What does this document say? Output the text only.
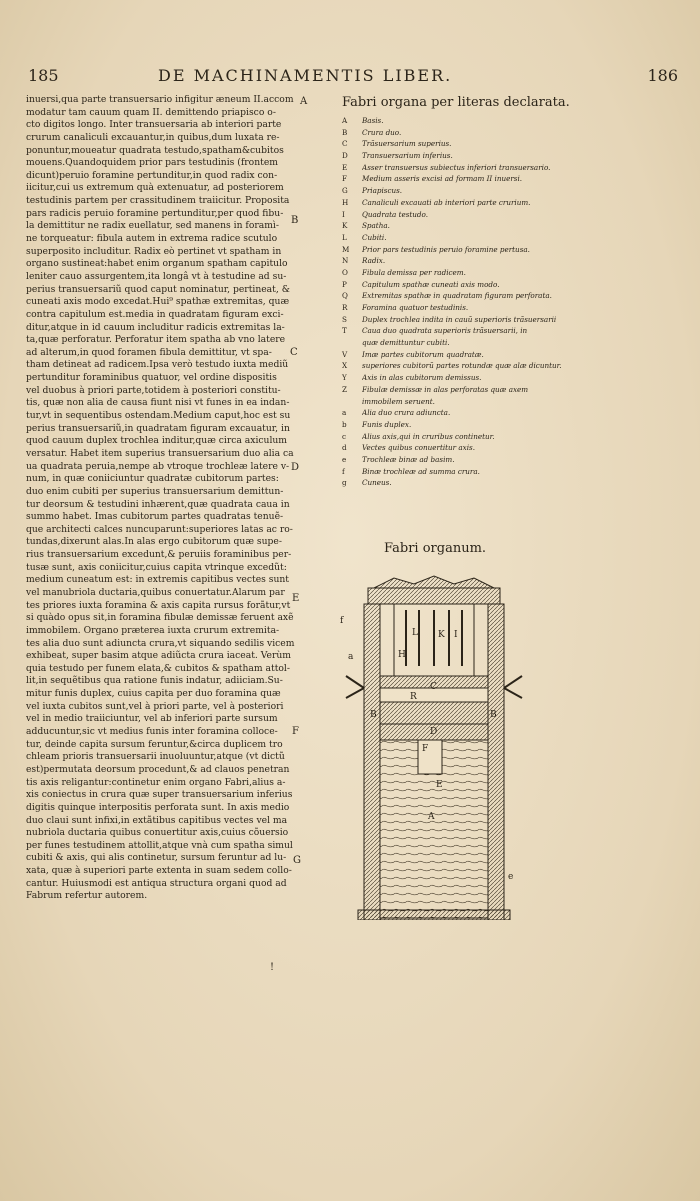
185	DE MACHINAMENTIS LIBER.	186
inuersi,qua parte transuersario infigitur æneum II.accom
modatur tam cauum quam II. demittendo priapisco o-
cto digitos longo. Inter transuersaria ab interiori parte
crurum canaliculi excauantur,in quibus,dum luxata re-
ponuntur,moueatur quadrata testudo,spatham&cubitos
mouens.Quandoquidem prior pars testudinis (frontem
dicunt)peruio foramine pertunditur,in quod radix con-
iicitur,cui us extremum quà extenuatur, ad posteriorem
testudinis partem per crassitudinem traiicitur. Proposita
pars radicis peruio foramine pertunditur,per quod fibu-
la demittitur ne radix euellatur, sed manens in foramì-
ne torqueatur: fibula autem in extrema radice scutulo
superposito includitur. Radix eò pertinet vt spatham in
organo sustineat:habet enim organum spatham capitulo
leniter cauo assurgentem,ita longâ vt à testudine ad su-
perius transuersariũ quod caput nominatur, pertineat, &
cuneati axis modo excedat.Hui⁹ spathæ extremitas, quæ
contra capitulum est.media in quadratam figuram exci-
ditur,atque in id cauum includitur radicis extremitas la-
ta,quæ perforatur. Perforatur item spatha ab vno latere
ad alterum,in quod foramen fibula demittitur, vt spa-
tham detineat ad radicem.Ipsa verò testudo iuxta mediũ
pertunditur foraminibus quatuor, vel ordine dispositis
vel duobus à priori parte,totidem à posteriori constitu-
tis, quæ non alia de causa fiunt nisi vt funes in ea indan-
tur,vt in sequentibus ostendam.Medium caput,hoc est su
perius transuersariũ,in quadratam figuram excauatur, in
quod cauum duplex trochlea inditur,quæ circa axiculum
versatur. Habet item superius transuersarium duo alia ca
ua quadrata peruia,nempe ab vtroque trochleæ latere v-
num, in quæ coniiciuntur quadratæ cubitorum partes:
duo enim cubiti per superius transuersarium demittun-
tur deorsum & testudini inhærent,quæ quadrata caua in
summo habet. Imas cubitorum partes quadratas tenuẽ-
que architecti calces nuncuparunt:superiores latas ac ro-
tundas,dixerunt alas.In alas ergo cubitorum quæ supe-
rius transuersarium excedunt,& peruiis foraminibus per-
tusæ sunt, axis coniicitur,cuius capita vtrinque excedũt:
medium cuneatum est: in extremis capitibus vectes sunt
vel manubriola ductaria,quibus conuertatur.Alarum par
tes priores iuxta foramina & axis capita rursus forãtur,vt
si quàdo opus sit,in foramina fibulæ demissæ feruent axẽ
immobilem. Organo præterea iuxta crurum extremita-
tes alia duo sunt adiuncta crura,vt siquando sedilis vicem
exhibeat, super basim atque adiũcta crura iaceat. Verùm
quia testudo per funem elata,& cubitos & spatham attol-
lit,in sequẽtibus qua ratione funis indatur, adiiciam.Su-
mitur funis duplex, cuius capita per duo foramina quæ
vel iuxta cubitos sunt,vel à priori parte, vel à posteriori
vel in medio traiiciuntur, vel ab inferiori parte sursum
adducuntur,sic vt medius funis inter foramina colloce-
tur, deinde capita sursum feruntur,&circa duplicem tro
chleam prioris transuersarii inuoluuntur,atque (vt dictũ
est)permutata deorsum procedunt,& ad clauos penetran
tis axis religantur:continetur enim organo Fabri,alius a-
xis coniectus in crura quæ super transuersarium inferius
digitis quinque interpositis perforata sunt. In axis medio
duo claui sunt infixi,in extãtibus capitibus vectes vel ma
nubriola ductaria quibus conuertitur axis,cuius cõuersio
per funes testudinem attollit,atque vnà cum spatha simul
cubiti & axis, qui alis continetur, sursum feruntur ad lu-
xata, quæ à superiori parte extenta in suam sedem collo-
cantur. Huiusmodi est antiqua structura organi quod ad
Fabrum refertur autorem.
A
B
C
D
E
F
G
Fabri organa per literas declarata.
A	Basis.
B	Crura duo.
C	Trãsuersarium superius.
D	Transuersarium inferius.
E	Asser transuersus subiectus inferiori transuersario.
F	Medium asseris excisi ad formam II inuersi.
G	Priapiscus.
H	Canaliculi excauati ab interiori parte crurium.
I	Quadrata testudo.
K	Spatha.
L	Cubiti.
M	Prior pars testudinis peruio foramine pertusa.
N	Radix.
O	Fibula demissa per radicem.
P	Capitulum spathæ cuneati axis modo.
Q	Extremitas spathæ in quadratam figuram perforata.
R	Foramina quatuor testudinis.
S	Duplex trochlea indita in cauũ superioris trãsuersarii
T	Caua duo quadrata superioris trãsuersarii, in
quæ demittuntur cubiti.
V	Imæ partes cubitorum quadratæ.
X	superiores cubitorũ partes rotundæ quæ alæ dicuntur.
Y	Axis in alas cubitorum demissus.
Z	Fibulæ demissæ in alas perforatas quæ axem
immobilem seruent.
a	Alia duo crura adiuncta.
b	Funis duplex.
c	Alius axis,qui in cruribus continetur.
d	Vectes quibus conuertitur axis.
e	Trochleæ binæ ad basim.
f	Binæ trochleæ ad summa crura.
g	Cuneus.
Fabri organum.
A
B	B
C
D
E
F
H
K
L	I
R
f
a
e
!
